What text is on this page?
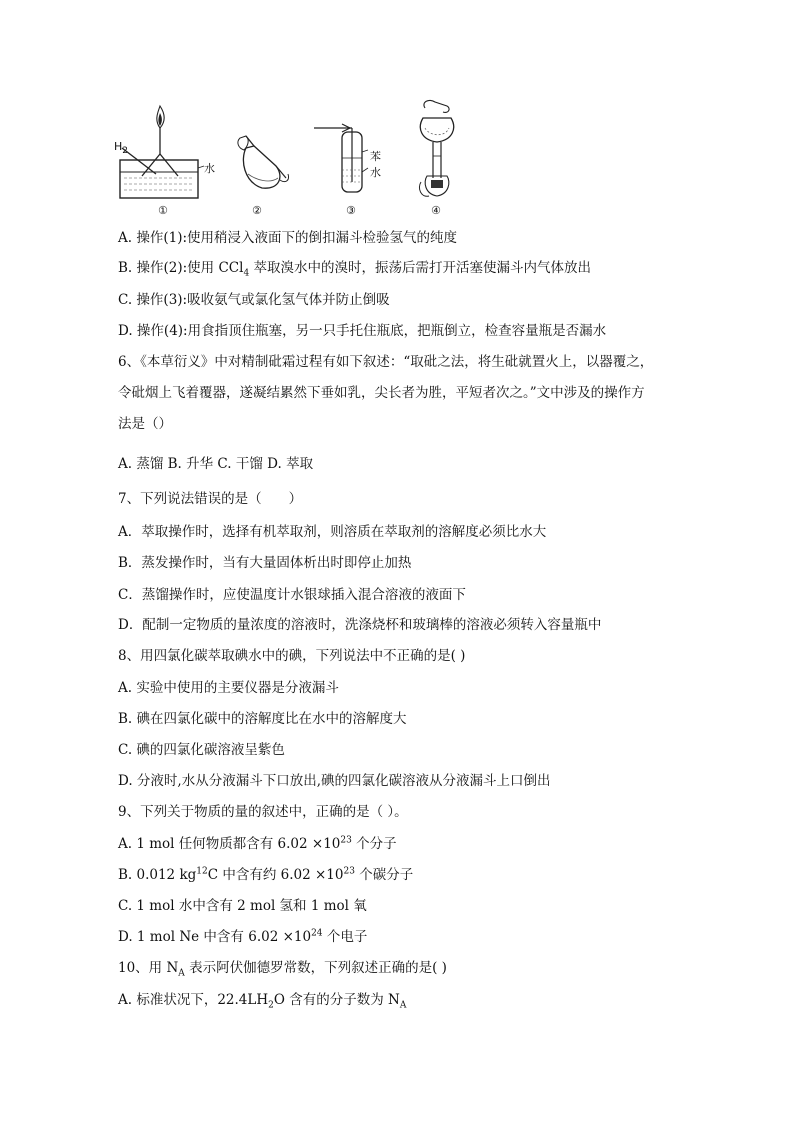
$H_2$
水
①	②
苯
水
③	④
A. 操作(1):使用稍浸入液面下的倒扣漏斗检验氢气的纯度
B. 操作(2):使用 CCl$_4$ 萃取溴水中的溴时，振荡后需打开活塞使漏斗内气体放出
C. 操作(3):吸收氨气或氯化氢气体并防止倒吸
D. 操作(4):用食指顶住瓶塞，另一只手托住瓶底，把瓶倒立，检查容量瓶是否漏水
6、《本草衍义》中对精制砒霜过程有如下叙述：“取砒之法，将生砒就置火上，以器覆之，
令砒烟上飞着覆器，遂凝结累然下垂如乳，尖长者为胜，平短者次之。”文中涉及的操作方
法是（）
A. 蒸馏 B. 升华 C. 干馏 D. 萃取
7、下列说法错误的是（　　）
A．萃取操作时，选择有机萃取剂，则溶质在萃取剂的溶解度必须比水大
B．蒸发操作时，当有大量固体析出时即停止加热
C．蒸馏操作时，应使温度计水银球插入混合溶液的液面下
D．配制一定物质的量浓度的溶液时，洗涤烧杯和玻璃棒的溶液必须转入容量瓶中
8、用四氯化碳萃取碘水中的碘，下列说法中不正确的是( )
A. 实验中使用的主要仪器是分液漏斗
B. 碘在四氯化碳中的溶解度比在水中的溶解度大
C. 碘的四氯化碳溶液呈紫色
D. 分液时,水从分液漏斗下口放出,碘的四氯化碳溶液从分液漏斗上口倒出
9、下列关于物质的量的叙述中，正确的是（ ）。
A. 1 mol 任何物质都含有 $6.02 \times 10^{23}$ 个分子
B. 0.012 $kg^{12}C$ 中含有约 $6.02 \times 10^{23}$ 个碳分子
C. 1 mol 水中含有 2 mol 氢和 1 mol 氧
D. 1 mol Ne 中含有 $6.02 \times 10^{24}$ 个电子
10、用 $N_A$ 表示阿伏伽德罗常数，下列叙述正确的是( )
A. 标准状况下，$22.4LH_2O$ 含有的分子数为 $N_A$
